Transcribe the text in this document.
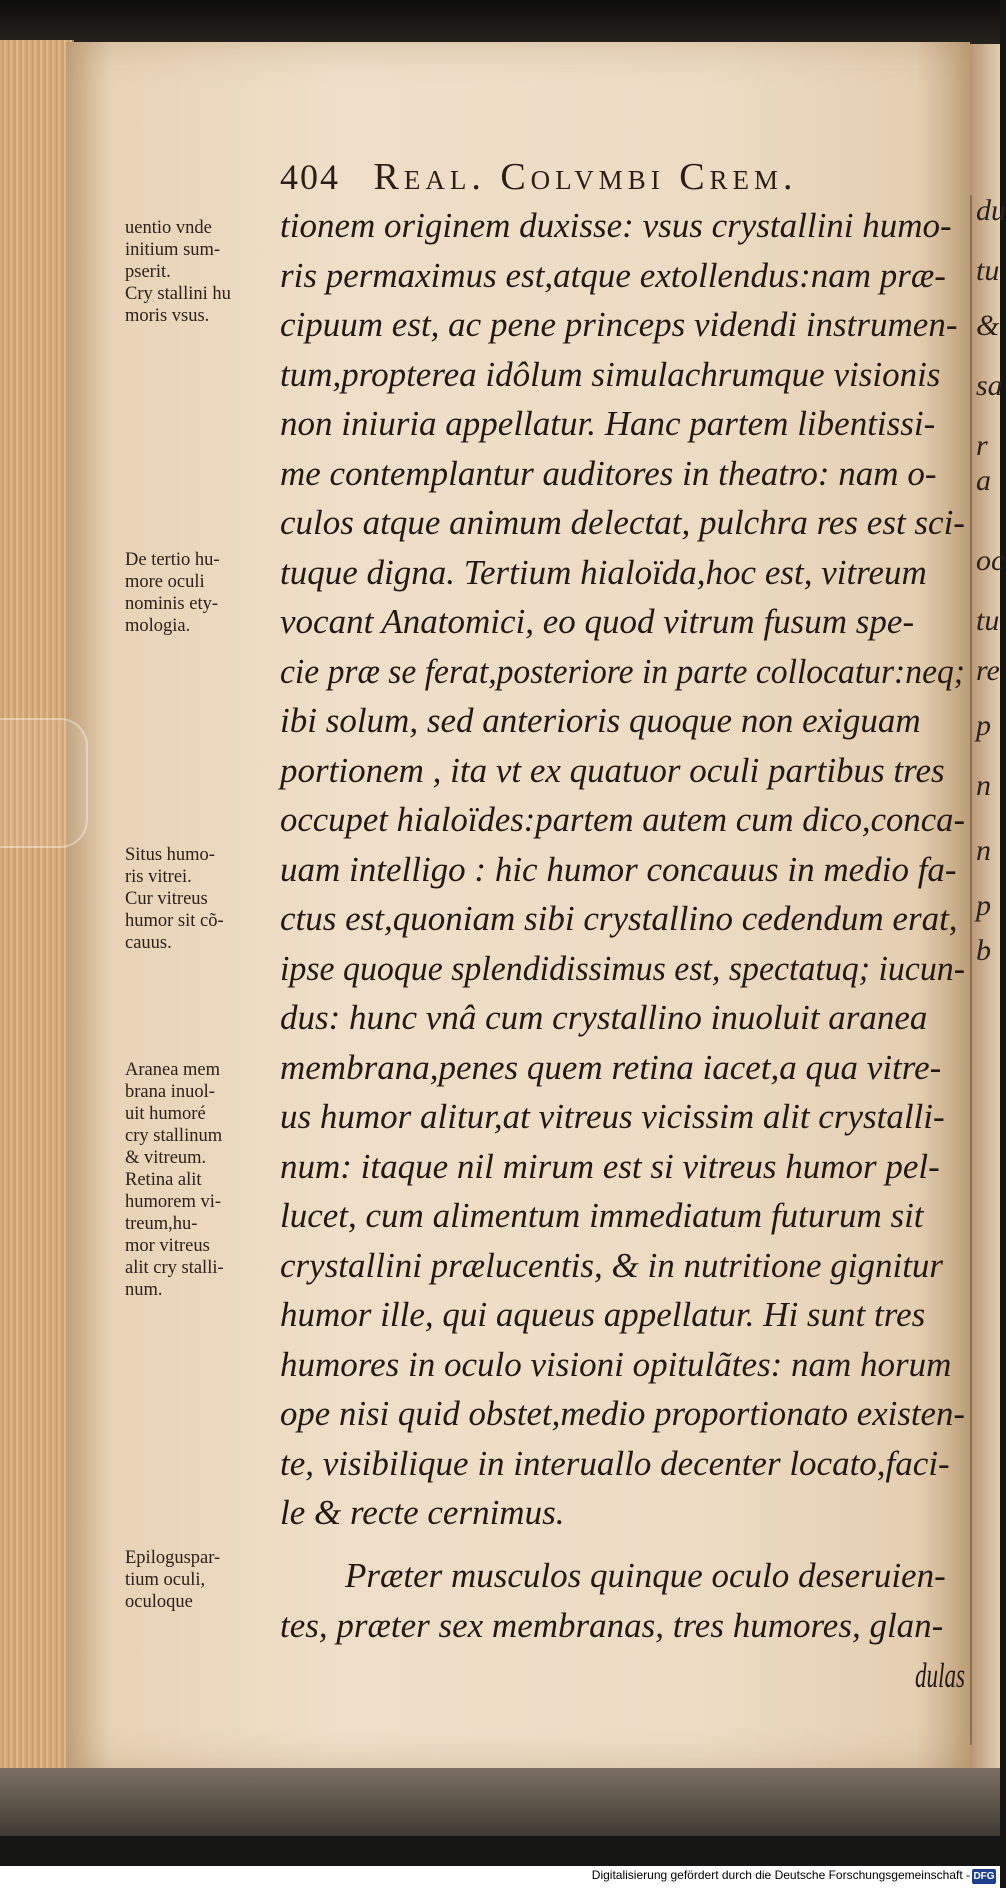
du
tu
&
sa
r
a
oc
tu
re
p
n
n
p
b
404 Real. Colvmbi Crem.
tionem originem duxisse: vsus crystallini humo-
ris permaximus est,atque extollendus:nam præ-
cipuum est, ac pene princeps videndi instrumen-
tum,propterea idôlum simulachrumque visionis
non iniuria appellatur. Hanc partem libentissi-
me contemplantur auditores in theatro: nam o-
culos atque animum delectat, pulchra res est sci-
tuque digna. Tertium hialoïda,hoc est, vitreum
vocant Anatomici, eo quod vitrum fusum spe-
cie præ se ferat,posteriore in parte collocatur:neq;
ibi solum, sed anterioris quoque non exiguam
portionem , ita vt ex quatuor oculi partibus tres
occupet hialoïdes:partem autem cum dico,conca-
uam intelligo : hic humor concauus in medio fa-
ctus est,quoniam sibi crystallino cedendum erat,
ipse quoque splendidissimus est, spectatuq; iucun-
dus: hunc vnâ cum crystallino inuoluit aranea
membrana,penes quem retina iacet,a qua vitre-
us humor alitur,at vitreus vicissim alit crystalli-
num: itaque nil mirum est si vitreus humor pel-
lucet, cum alimentum immediatum futurum sit
crystallini prælucentis, & in nutritione gignitur
humor ille, qui aqueus appellatur. Hi sunt tres
humores in oculo visioni opitulãtes: nam horum
ope nisi quid obstet,medio proportionato existen-
te, visibilique in interuallo decenter locato,faci-
le & recte cernimus.
Præter musculos quinque oculo deseruien-
tes, præter sex membranas, tres humores, glan-
dulas
uentio vnde
initium sum-
pserit.
Cry stallini hu
moris vsus.
De tertio hu-
more oculi
nominis ety-
mologia.
Situs humo-
ris vitrei.
Cur vitreus
humor sit cõ-
cauus.
Aranea mem
brana inuol-
uit humoré
cry stallinum
& vitreum.
Retina alit
humorem vi-
treum,hu-
mor vitreus
alit cry stalli-
num.
Epiloguspar-
tium oculi,
oculoque
Digitalisierung gefördert durch die Deutsche Forschungsgemeinschaft - DFG
